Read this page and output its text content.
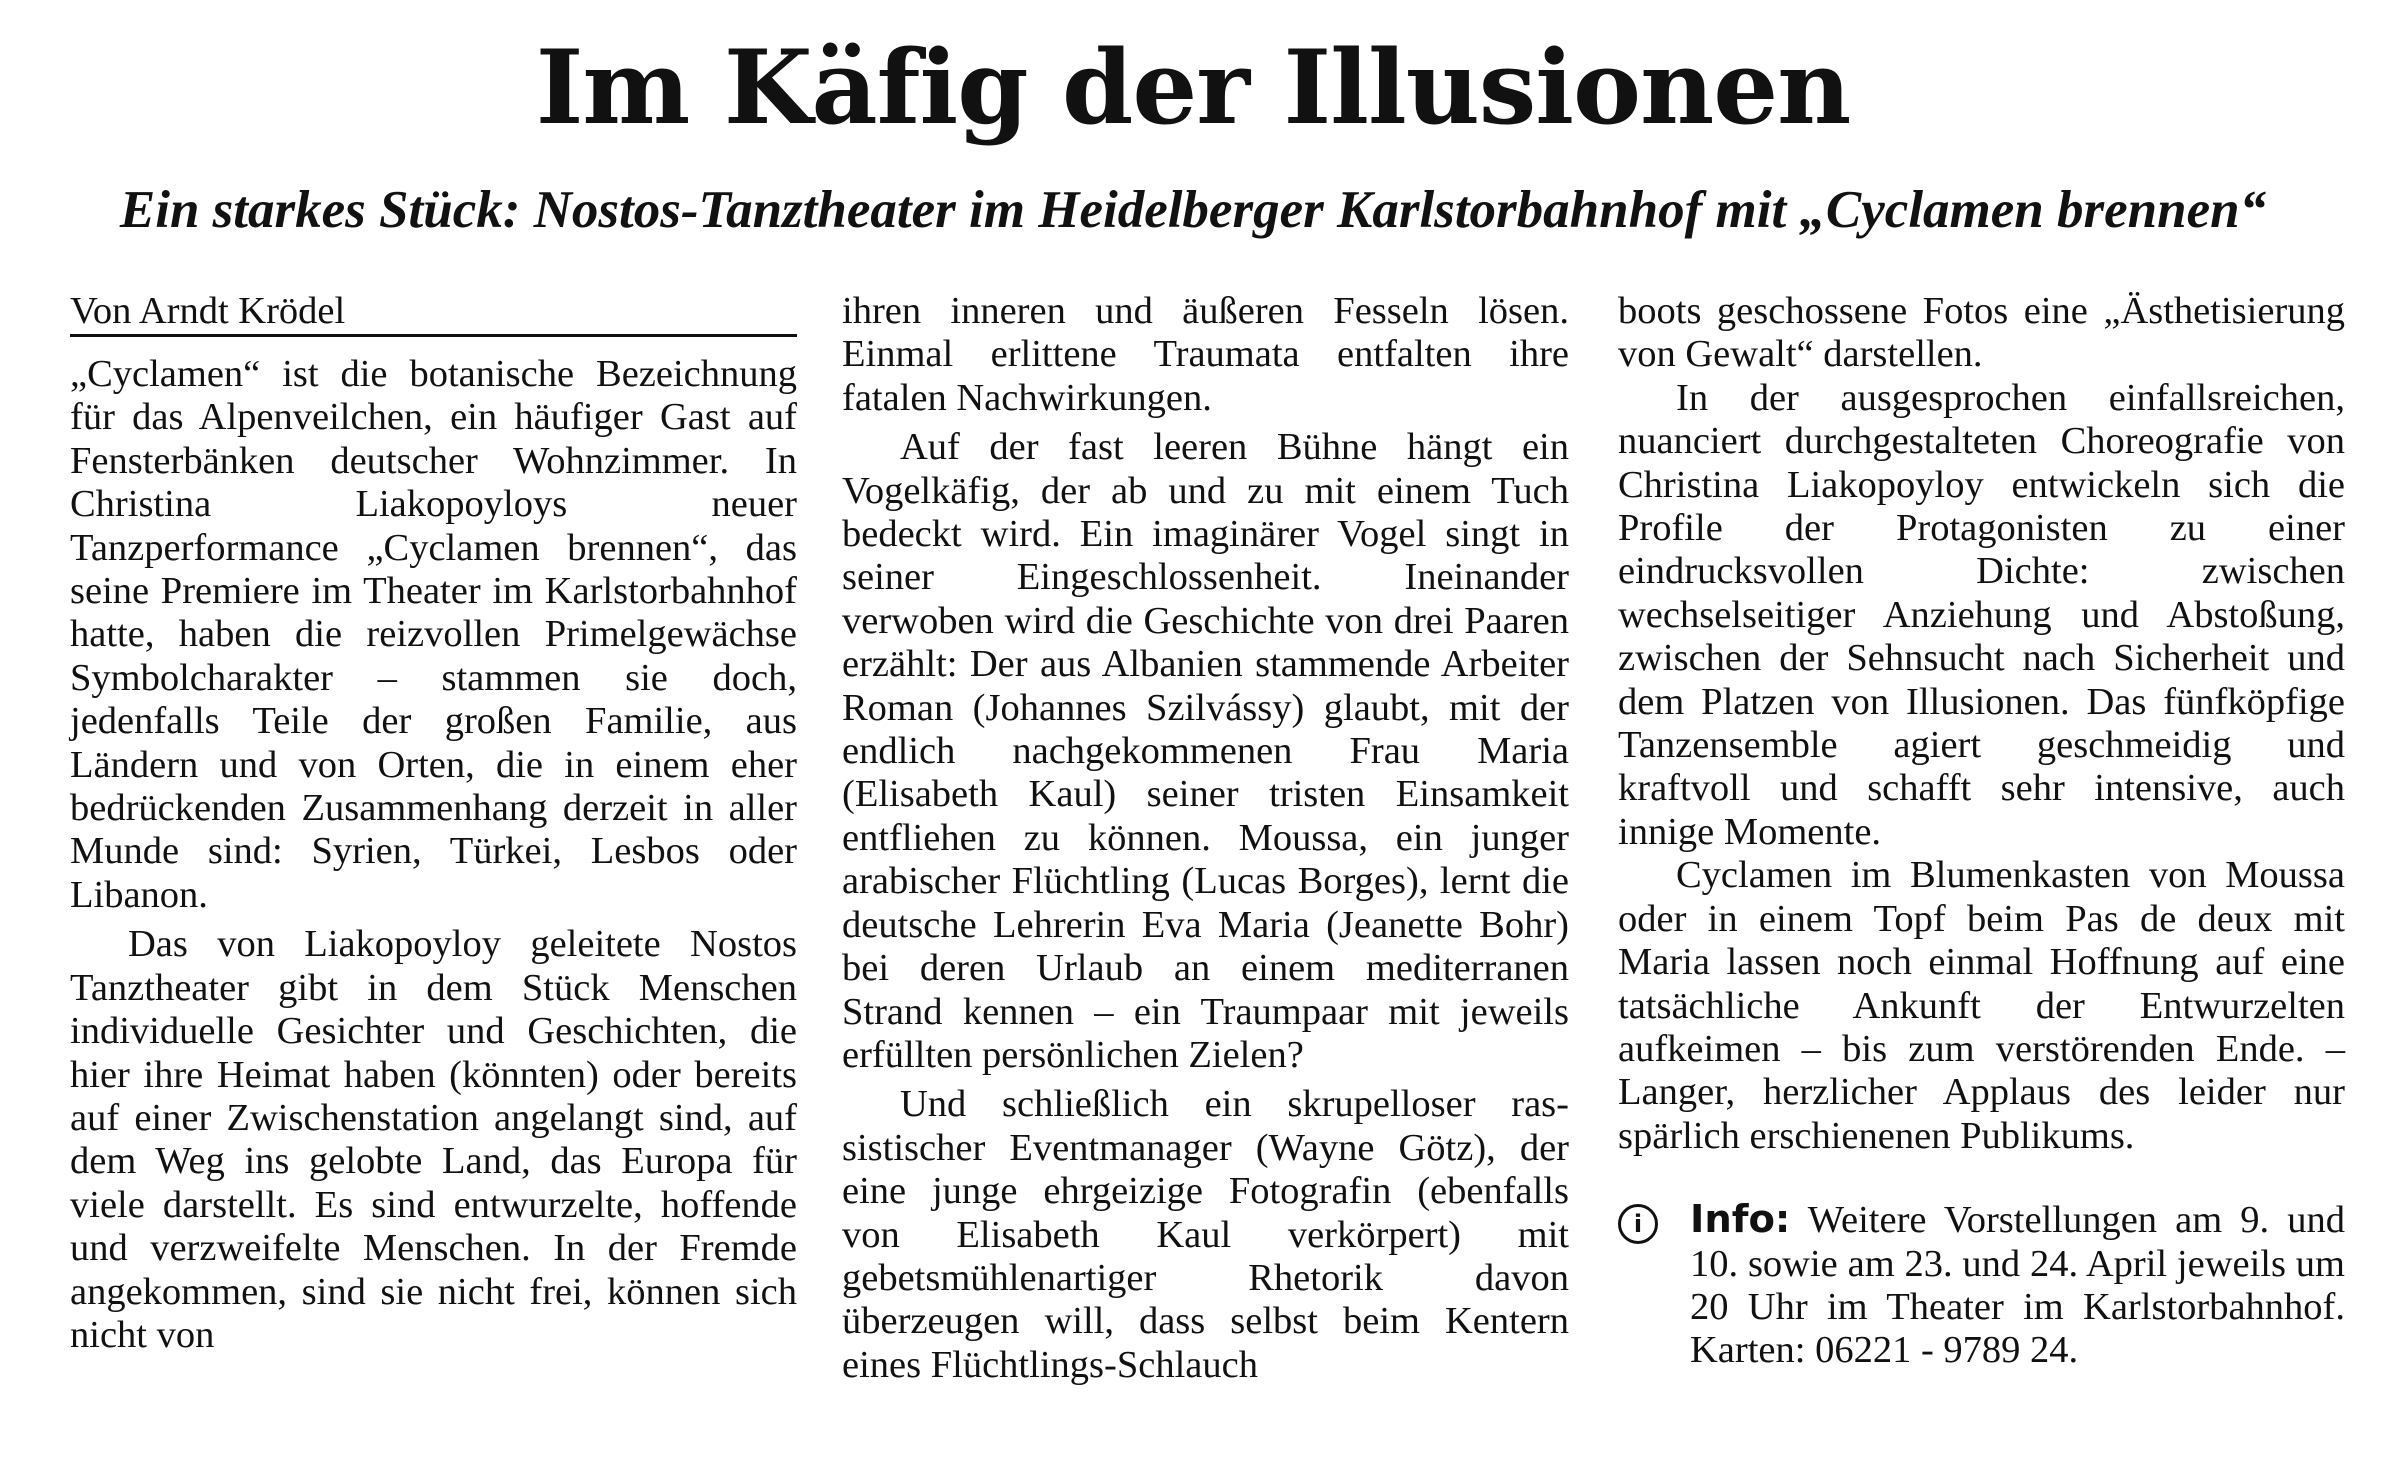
Im Käfig der Illusionen
Ein starkes Stück: Nostos-Tanztheater im Heidelberger Karlstorbahnhof mit „Cyclamen brennen“
Von Arndt Krödel

„Cyclamen“ ist die botanische Bezeichnung für das Alpenveilchen, ein häufiger Gast auf Fensterbänken deutscher Wohnzimmer. In Christina Liakopoyloys neuer Tanzperformance „Cyclamen brennen“, das seine Premiere im Theater im Karlstorbahnhof hatte, haben die reizvollen Primelgewächse Symbolcharakter – stammen sie doch, jedenfalls Teile der großen Familie, aus Ländern und von Orten, die in einem eher bedrückenden Zusammenhang derzeit in aller Munde sind: Syrien, Türkei, Lesbos oder Libanon.

Das von Liakopoyloy geleitete Nostos Tanztheater gibt in dem Stück Menschen individuelle Gesichter und Geschichten, die hier ihre Heimat haben (könnten) oder bereits auf einer Zwischenstation angelangt sind, auf dem Weg ins gelobte Land, das Europa für viele darstellt. Es sind entwurzelte, hoffende und verzweifelte Menschen. In der Fremde angekommen, sind sie nicht frei, können sich nicht von

ihren inneren und äußeren Fesseln lösen. Einmal erlittene Traumata entfalten ihre fatalen Nachwirkungen.

Auf der fast leeren Bühne hängt ein Vogelkäfig, der ab und zu mit einem Tuch bedeckt wird. Ein imaginärer Vogel singt in seiner Eingeschlossenheit. Ineinander verwoben wird die Geschichte von drei Paaren erzählt: Der aus Albanien stammende Arbeiter Roman (Johannes Szilvássy) glaubt, mit der endlich nachgekommenen Frau Maria (Elisabeth Kaul) seiner tristen Einsamkeit entfliehen zu können. Moussa, ein junger arabischer Flüchtling (Lucas Borges), lernt die deutsche Lehrerin Eva Maria (Jeanette Bohr) bei deren Urlaub an einem mediterranen Strand kennen – ein Traumpaar mit jeweils erfüllten persönlichen Zielen?

Und schließlich ein skrupelloser rassistischer Eventmanager (Wayne Götz), der eine junge ehrgeizige Fotografin (ebenfalls von Elisabeth Kaul verkörpert) mit gebetsmühlenartiger Rhetorik davon überzeugen will, dass selbst beim Kentern eines Flüchtlings-Schlauch

boots geschossene Fotos eine „Ästhetisierung von Gewalt“ darstellen.

In der ausgesprochen einfallsreichen, nuanciert durchgestalteten Choreografie von Christina Liakopoyloy entwickeln sich die Profile der Protagonisten zu einer eindrucksvollen Dichte: zwischen wechselseitiger Anziehung und Abstoßung, zwischen der Sehnsucht nach Sicherheit und dem Platzen von Illusionen. Das fünfköpfige Tanzensemble agiert geschmeidig und kraftvoll und schafft sehr intensive, auch innige Momente.

Cyclamen im Blumenkasten von Moussa oder in einem Topf beim Pas de deux mit Maria lassen noch einmal Hoffnung auf eine tatsächliche Ankunft der Entwurzelten aufkeimen – bis zum verstörenden Ende. – Langer, herzlicher Applaus des leider nur spärlich erschienenen Publikums.

i	Info: Weitere Vorstellungen am 9. und 10. sowie am 23. und 24. April jeweils um 20 Uhr im Theater im Karlstorbahnhof. Karten: 06221 - 9789 24.
